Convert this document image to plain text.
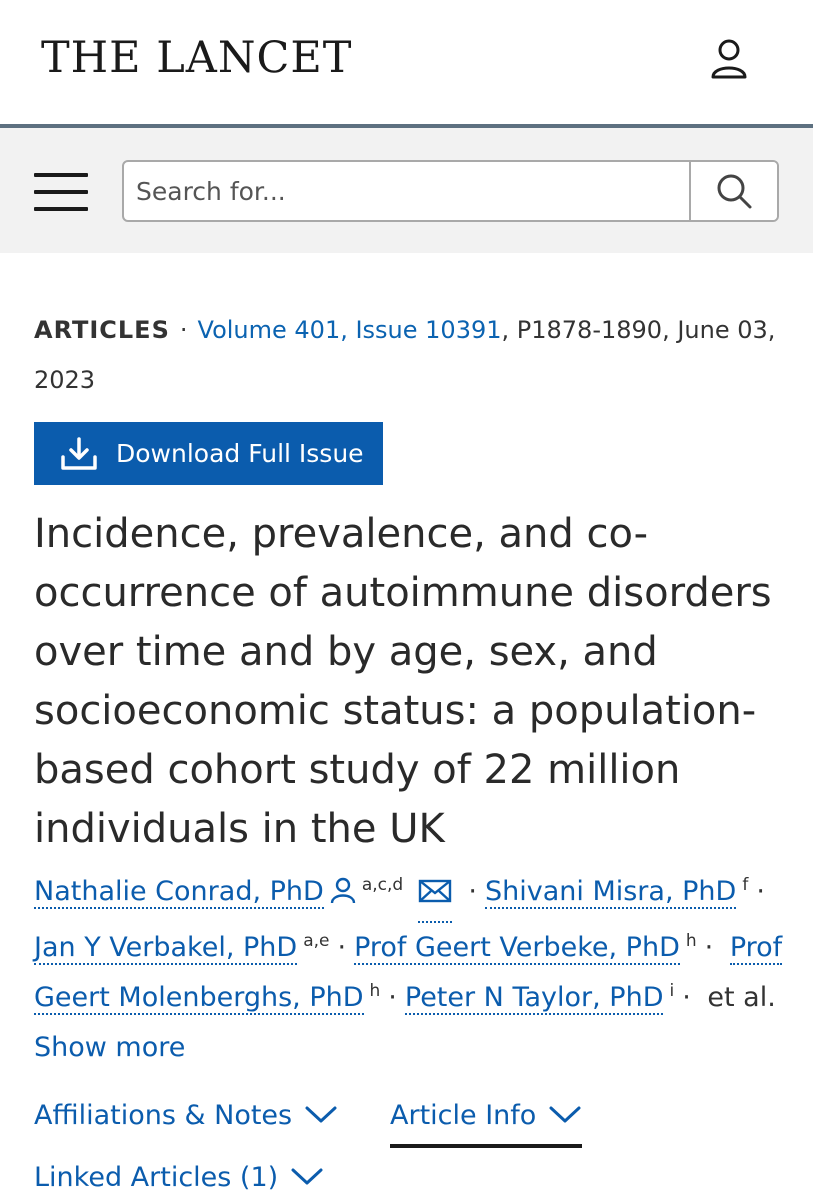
THE LANCET
Search for...
ARTICLES · Volume 401, Issue 10391, P1878-1890, June 03, 2023
Download Full Issue
Incidence, prevalence, and co-occurrence of autoimmune disorders over time and by age, sex, and socioeconomic status: a population-based cohort study of 22 million individuals in the UK
Nathalie Conrad, PhD $^{a,c,d}$ · Shivani Misra, PhD $^f$ · Jan Y Verbakel, PhD $^{a,e}$ · Prof Geert Verbeke, PhD $^h$ · Prof Geert Molenberghs, PhD $^h$ · Peter N Taylor, PhD $^i$ · et al. Show more
Affiliations & Notes	Article Info
Linked Articles (1)
